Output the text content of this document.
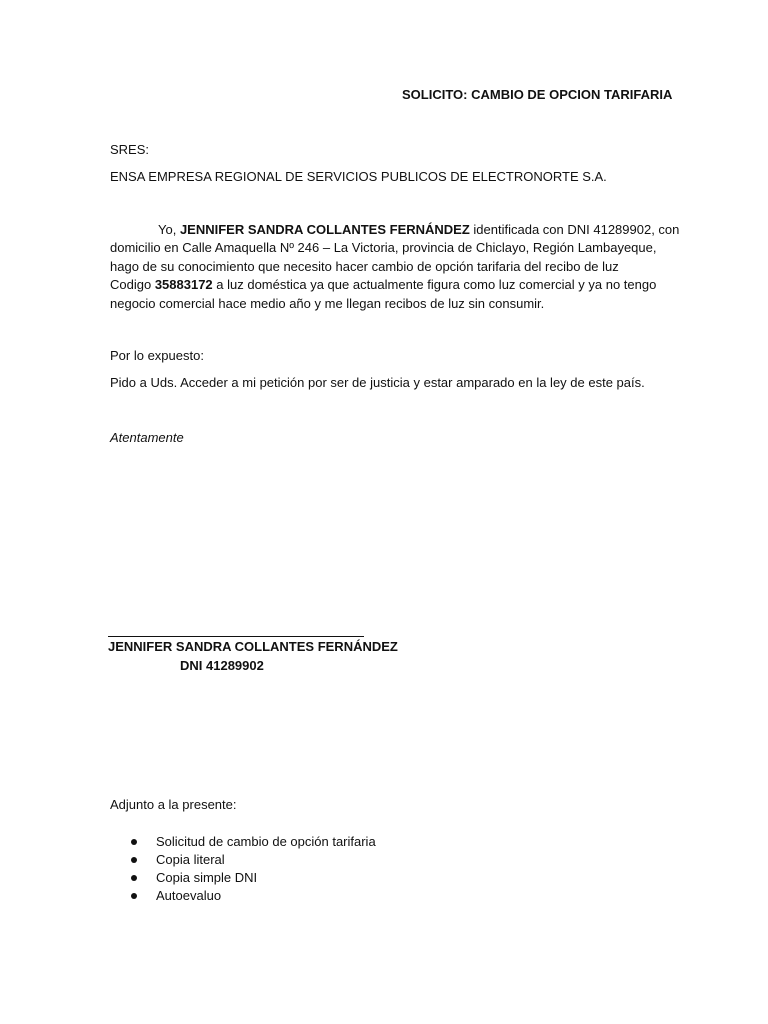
SOLICITO: CAMBIO DE OPCION TARIFARIA
SRES:
ENSA EMPRESA REGIONAL DE SERVICIOS PUBLICOS DE ELECTRONORTE S.A.
Yo, JENNIFER SANDRA COLLANTES FERNÁNDEZ identificada con DNI 41289902, con
domicilio en Calle Amaquella Nº 246 – La Victoria, provincia de Chiclayo, Región Lambayeque,
hago de su conocimiento que necesito hacer cambio de opción tarifaria del recibo de luz
Codigo 35883172 a luz doméstica ya que actualmente figura como luz comercial y ya no tengo
negocio comercial hace medio año y me llegan recibos de luz sin consumir.
Por lo expuesto:
Pido a Uds. Acceder a mi petición por ser de justicia y estar amparado en la ley de este país.
Atentamente
JENNIFER SANDRA COLLANTES FERNÁNDEZ
DNI 41289902
Adjunto a la presente:
Solicitud de cambio de opción tarifaria
Copia literal
Copia simple DNI
Autoevaluo
